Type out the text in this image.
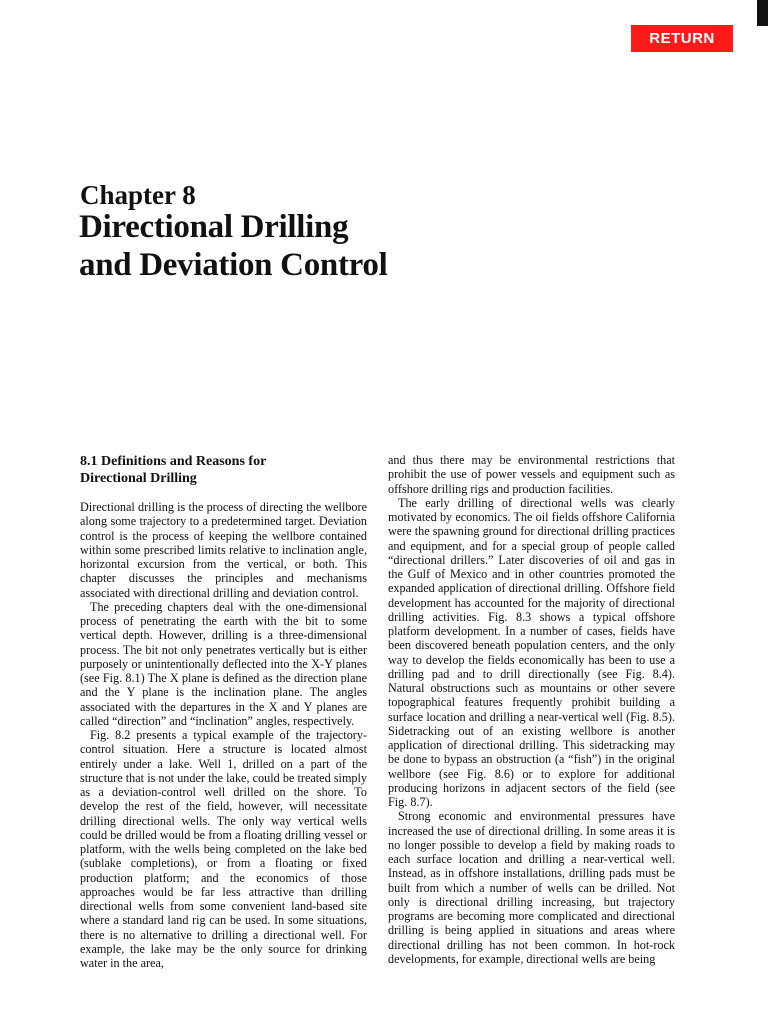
RETURN
Chapter 8
Directional Drilling
and Deviation Control
8.1 Definitions and Reasons for
Directional Drilling

Directional drilling is the process of directing the wellbore along some trajectory to a predetermined target. Deviation control is the process of keeping the wellbore contained within some prescribed limits relative to inclination angle, horizontal excursion from the vertical, or both. This chapter discusses the principles and mechanisms associated with directional drilling and deviation control.

The preceding chapters deal with the one-dimensional process of penetrating the earth with the bit to some vertical depth. However, drilling is a three-dimensional process. The bit not only penetrates vertically but is either purposely or unintentionally deflected into the X-Y planes (see Fig. 8.1) The X plane is defined as the direction plane and the Y plane is the inclination plane. The angles associated with the departures in the X and Y planes are called “direction” and “inclination” angles, respectively.

Fig. 8.2 presents a typical example of the trajectory-control situation. Here a structure is located almost entirely under a lake. Well 1, drilled on a part of the structure that is not under the lake, could be treated simply as a deviation-control well drilled on the shore. To develop the rest of the field, however, will necessitate drilling directional wells. The only way vertical wells could be drilled would be from a floating drilling vessel or platform, with the wells being completed on the lake bed (sublake completions), or from a floating or fixed production platform; and the economics of those approaches would be far less attractive than drilling directional wells from some convenient land-based site where a standard land rig can be used. In some situations, there is no alternative to drilling a directional well. For example, the lake may be the only source for drinking water in the area,

and thus there may be environmental restrictions that prohibit the use of power vessels and equipment such as offshore drilling rigs and production facilities.

The early drilling of directional wells was clearly motivated by economics. The oil fields offshore California were the spawning ground for directional drilling practices and equipment, and for a special group of people called “directional drillers.” Later discoveries of oil and gas in the Gulf of Mexico and in other countries promoted the expanded application of directional drilling. Offshore field development has accounted for the majority of directional drilling activities. Fig. 8.3 shows a typical offshore platform development. In a number of cases, fields have been discovered beneath population centers, and the only way to develop the fields economically has been to use a drilling pad and to drill directionally (see Fig. 8.4). Natural obstructions such as mountains or other severe topographical features frequently prohibit building a surface location and drilling a near-vertical well (Fig. 8.5). Sidetracking out of an existing wellbore is another application of directional drilling. This sidetracking may be done to bypass an obstruction (a “fish”) in the original wellbore (see Fig. 8.6) or to explore for additional producing horizons in adjacent sectors of the field (see Fig. 8.7).

Strong economic and environmental pressures have increased the use of directional drilling. In some areas it is no longer possible to develop a field by making roads to each surface location and drilling a near-vertical well. Instead, as in offshore installations, drilling pads must be built from which a number of wells can be drilled. Not only is directional drilling increasing, but trajectory programs are becoming more complicated and directional drilling is being applied in situations and areas where directional drilling has not been common. In hot-rock developments, for example, directional wells are being
